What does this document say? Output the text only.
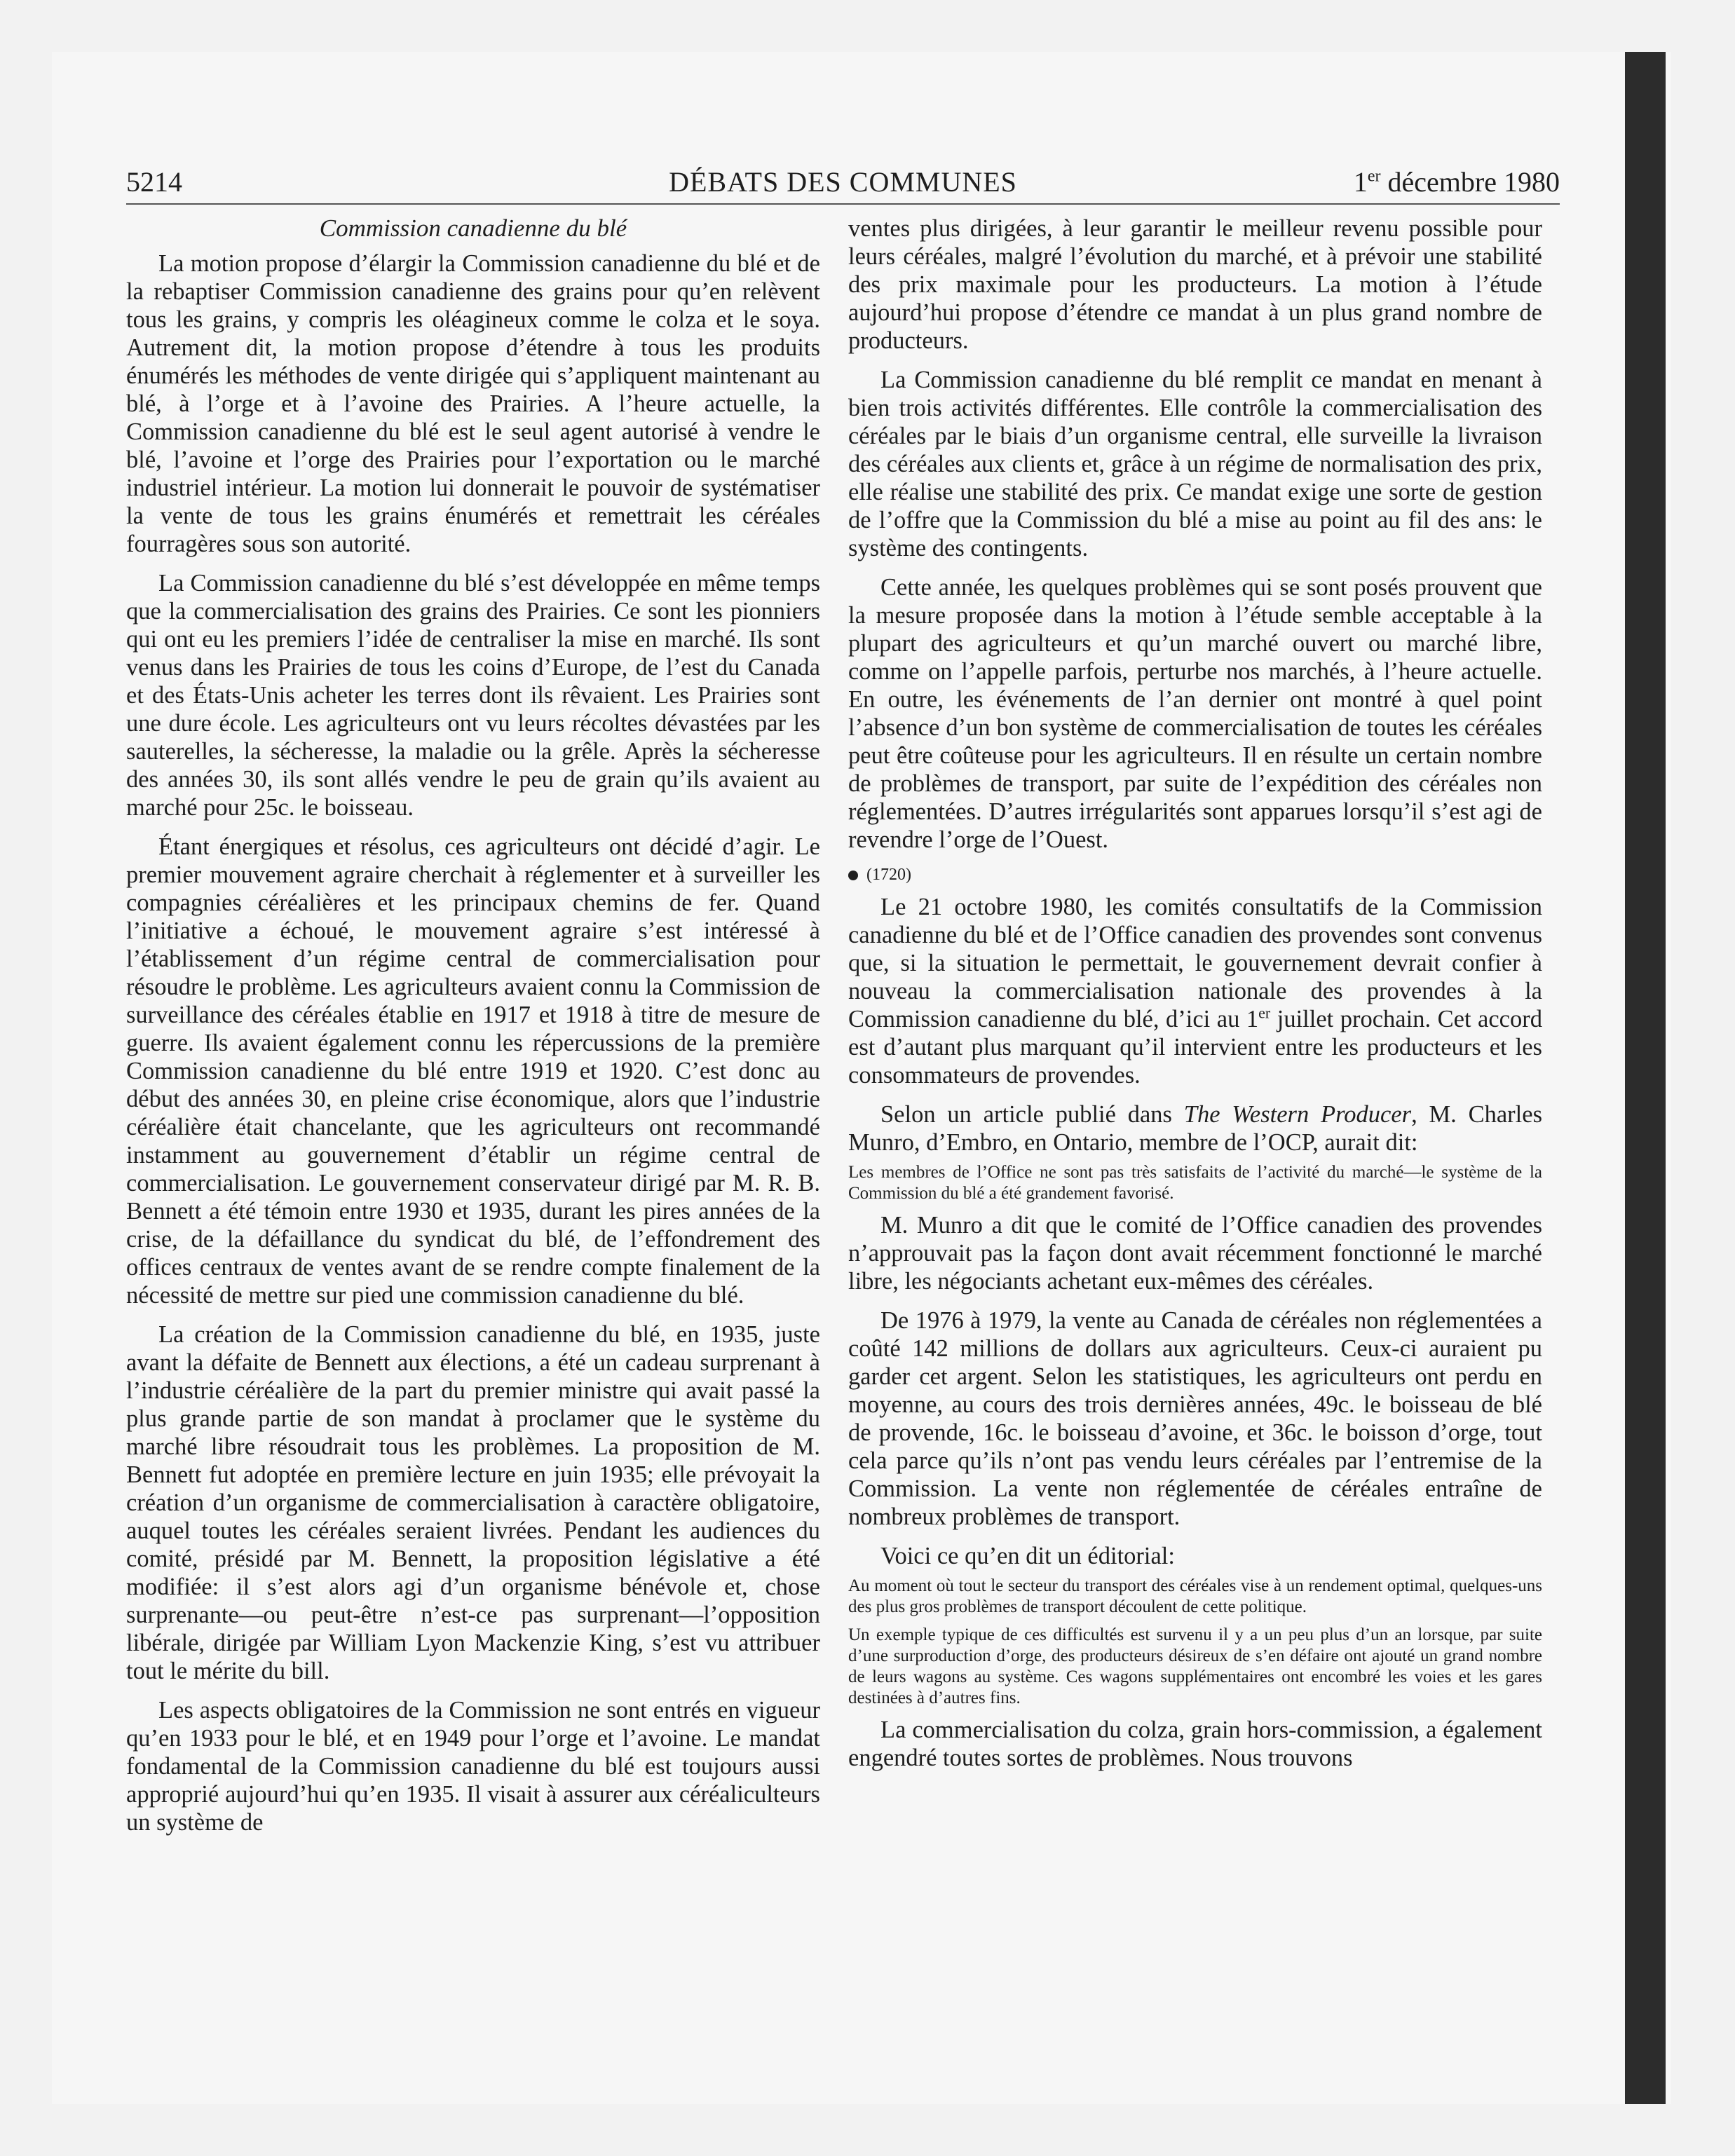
5214	DÉBATS DES COMMUNES	1er décembre 1980
Commission canadienne du blé

La motion propose d’élargir la Commission canadienne du blé et de la rebaptiser Commission canadienne des grains pour qu’en relèvent tous les grains, y compris les oléagineux comme le colza et le soya. Autrement dit, la motion propose d’étendre à tous les produits énumérés les méthodes de vente dirigée qui s’appliquent maintenant au blé, à l’orge et à l’avoine des Prairies. A l’heure actuelle, la Commission canadienne du blé est le seul agent autorisé à vendre le blé, l’avoine et l’orge des Prairies pour l’exportation ou le marché industriel intérieur. La motion lui donnerait le pouvoir de systématiser la vente de tous les grains énumérés et remettrait les céréales fourragères sous son autorité.

La Commission canadienne du blé s’est développée en même temps que la commercialisation des grains des Prairies. Ce sont les pionniers qui ont eu les premiers l’idée de centraliser la mise en marché. Ils sont venus dans les Prairies de tous les coins d’Europe, de l’est du Canada et des États-Unis acheter les terres dont ils rêvaient. Les Prairies sont une dure école. Les agriculteurs ont vu leurs récoltes dévastées par les sauterelles, la sécheresse, la maladie ou la grêle. Après la sécheresse des années 30, ils sont allés vendre le peu de grain qu’ils avaient au marché pour 25c. le boisseau.

Étant énergiques et résolus, ces agriculteurs ont décidé d’agir. Le premier mouvement agraire cherchait à réglementer et à surveiller les compagnies céréalières et les principaux chemins de fer. Quand l’initiative a échoué, le mouvement agraire s’est intéressé à l’établissement d’un régime central de commercialisation pour résoudre le problème. Les agriculteurs avaient connu la Commission de surveillance des céréales établie en 1917 et 1918 à titre de mesure de guerre. Ils avaient également connu les répercussions de la première Commission canadienne du blé entre 1919 et 1920. C’est donc au début des années 30, en pleine crise économique, alors que l’industrie céréalière était chancelante, que les agriculteurs ont recommandé instamment au gouvernement d’établir un régime central de commercialisation. Le gouvernement conservateur dirigé par M. R. B. Bennett a été témoin entre 1930 et 1935, durant les pires années de la crise, de la défaillance du syndicat du blé, de l’effondrement des offices centraux de ventes avant de se rendre compte finalement de la nécessité de mettre sur pied une commission canadienne du blé.

La création de la Commission canadienne du blé, en 1935, juste avant la défaite de Bennett aux élections, a été un cadeau surprenant à l’industrie céréalière de la part du premier ministre qui avait passé la plus grande partie de son mandat à proclamer que le système du marché libre résoudrait tous les problèmes. La proposition de M. Bennett fut adoptée en première lecture en juin 1935; elle prévoyait la création d’un organisme de commercialisation à caractère obligatoire, auquel toutes les céréales seraient livrées. Pendant les audiences du comité, présidé par M. Bennett, la proposition législative a été modifiée: il s’est alors agi d’un organisme bénévole et, chose surprenante—ou peut-être n’est-ce pas surprenant—l’opposition libérale, dirigée par William Lyon Mackenzie King, s’est vu attribuer tout le mérite du bill.

Les aspects obligatoires de la Commission ne sont entrés en vigueur qu’en 1933 pour le blé, et en 1949 pour l’orge et l’avoine. Le mandat fondamental de la Commission canadienne du blé est toujours aussi approprié aujourd’hui qu’en 1935. Il visait à assurer aux céréaliculteurs un système de

ventes plus dirigées, à leur garantir le meilleur revenu possible pour leurs céréales, malgré l’évolution du marché, et à prévoir une stabilité des prix maximale pour les producteurs. La motion à l’étude aujourd’hui propose d’étendre ce mandat à un plus grand nombre de producteurs.

La Commission canadienne du blé remplit ce mandat en menant à bien trois activités différentes. Elle contrôle la commercialisation des céréales par le biais d’un organisme central, elle surveille la livraison des céréales aux clients et, grâce à un régime de normalisation des prix, elle réalise une stabilité des prix. Ce mandat exige une sorte de gestion de l’offre que la Commission du blé a mise au point au fil des ans: le système des contingents.

Cette année, les quelques problèmes qui se sont posés prouvent que la mesure proposée dans la motion à l’étude semble acceptable à la plupart des agriculteurs et qu’un marché ouvert ou marché libre, comme on l’appelle parfois, perturbe nos marchés, à l’heure actuelle. En outre, les événements de l’an dernier ont montré à quel point l’absence d’un bon système de commercialisation de toutes les céréales peut être coûteuse pour les agriculteurs. Il en résulte un certain nombre de problèmes de transport, par suite de l’expédition des céréales non réglementées. D’autres irrégularités sont apparues lorsqu’il s’est agi de revendre l’orge de l’Ouest.

(1720)

Le 21 octobre 1980, les comités consultatifs de la Commission canadienne du blé et de l’Office canadien des provendes sont convenus que, si la situation le permettait, le gouvernement devrait confier à nouveau la commercialisation nationale des provendes à la Commission canadienne du blé, d’ici au 1er juillet prochain. Cet accord est d’autant plus marquant qu’il intervient entre les producteurs et les consommateurs de provendes.

Selon un article publié dans The Western Producer, M. Charles Munro, d’Embro, en Ontario, membre de l’OCP, aurait dit:

Les membres de l’Office ne sont pas très satisfaits de l’activité du marché—le système de la Commission du blé a été grandement favorisé.

M. Munro a dit que le comité de l’Office canadien des provendes n’approuvait pas la façon dont avait récemment fonctionné le marché libre, les négociants achetant eux-mêmes des céréales.

De 1976 à 1979, la vente au Canada de céréales non réglementées a coûté 142 millions de dollars aux agriculteurs. Ceux-ci auraient pu garder cet argent. Selon les statistiques, les agriculteurs ont perdu en moyenne, au cours des trois dernières années, 49c. le boisseau de blé de provende, 16c. le boisseau d’avoine, et 36c. le boisson d’orge, tout cela parce qu’ils n’ont pas vendu leurs céréales par l’entremise de la Commission. La vente non réglementée de céréales entraîne de nombreux problèmes de transport.

Voici ce qu’en dit un éditorial:

Au moment où tout le secteur du transport des céréales vise à un rendement optimal, quelques-uns des plus gros problèmes de transport découlent de cette politique.
Un exemple typique de ces difficultés est survenu il y a un peu plus d’un an lorsque, par suite d’une surproduction d’orge, des producteurs désireux de s’en défaire ont ajouté un grand nombre de leurs wagons au système. Ces wagons supplémentaires ont encombré les voies et les gares destinées à d’autres fins.

La commercialisation du colza, grain hors-commission, a également engendré toutes sortes de problèmes. Nous trouvons
